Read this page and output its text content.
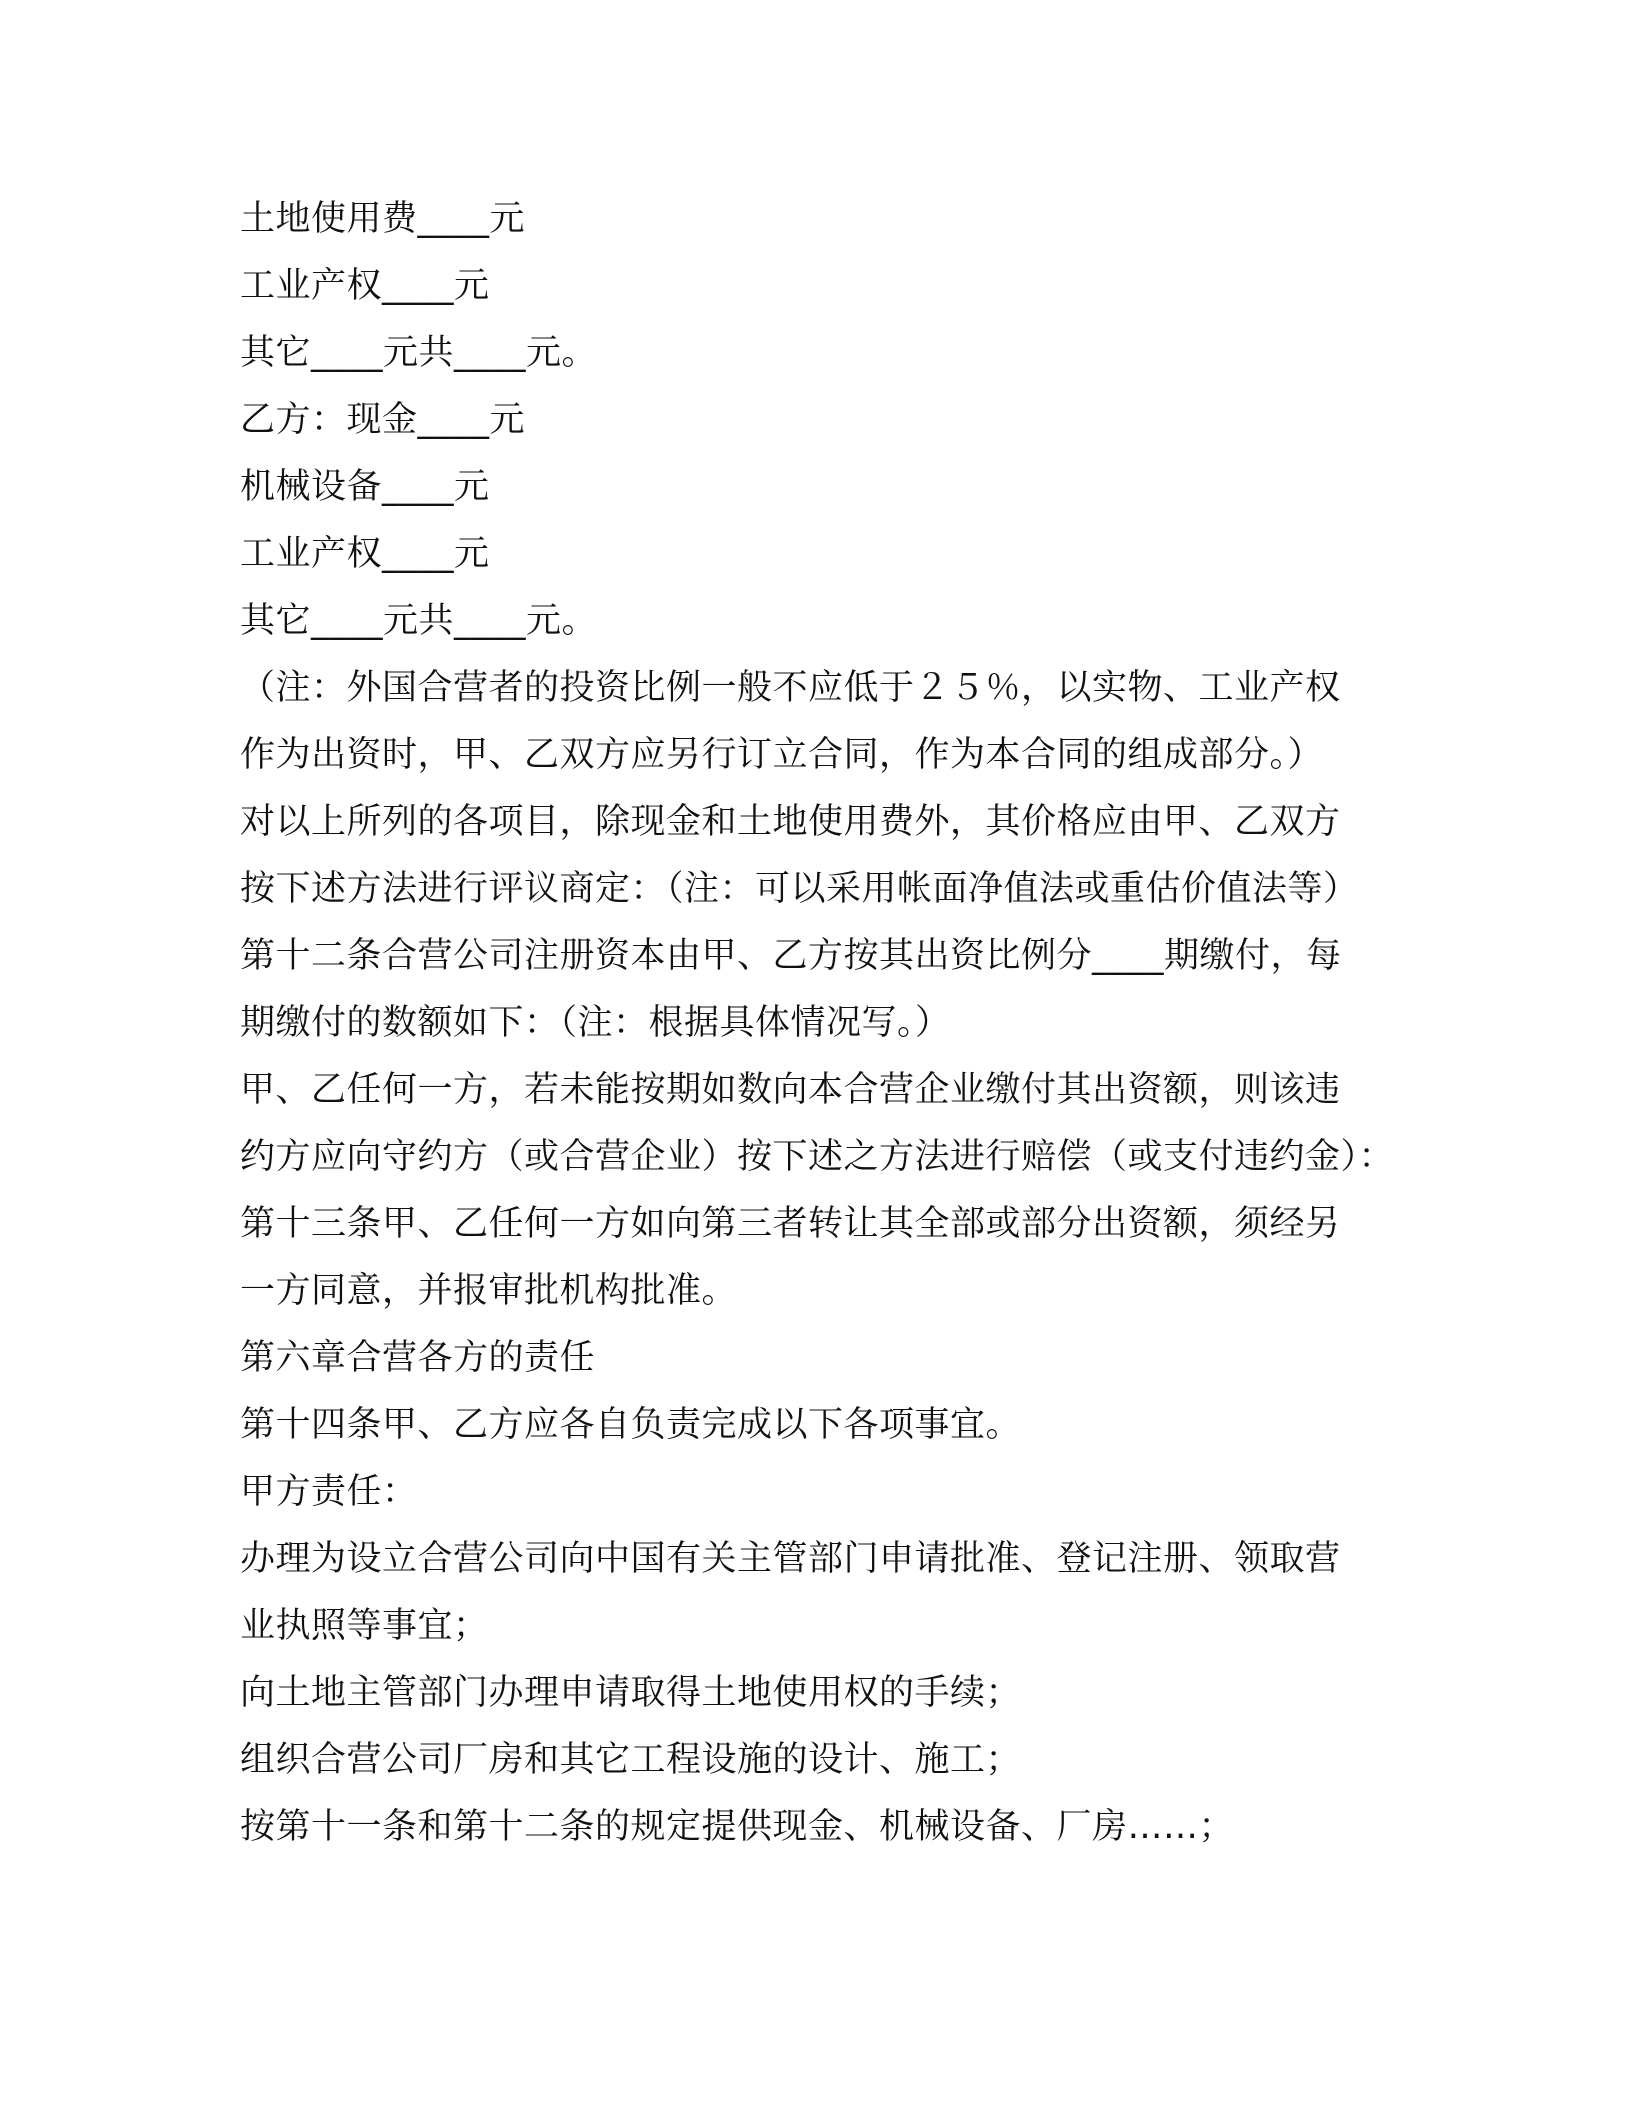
土地使用费____元
工业产权____元
其它____元共____元。
乙方：现金____元
机械设备____元
工业产权____元
其它____元共____元。
（注：外国合营者的投资比例一般不应低于２５％，以实物、工业产权
作为出资时，甲、乙双方应另行订立合同，作为本合同的组成部分。）
对以上所列的各项目，除现金和土地使用费外，其价格应由甲、乙双方
按下述方法进行评议商定：（注：可以采用帐面净值法或重估价值法等）
第十二条合营公司注册资本由甲、乙方按其出资比例分____期缴付，每
期缴付的数额如下：（注：根据具体情况写。）
甲、乙任何一方，若未能按期如数向本合营企业缴付其出资额，则该违
约方应向守约方（或合营企业）按下述之方法进行赔偿（或支付违约金）：
第十三条甲、乙任何一方如向第三者转让其全部或部分出资额，须经另
一方同意，并报审批机构批准。
第六章合营各方的责任
第十四条甲、乙方应各自负责完成以下各项事宜。
甲方责任：
办理为设立合营公司向中国有关主管部门申请批准、登记注册、领取营
业执照等事宜；
向土地主管部门办理申请取得土地使用权的手续；
组织合营公司厂房和其它工程设施的设计、施工；
按第十一条和第十二条的规定提供现金、机械设备、厂房……；
